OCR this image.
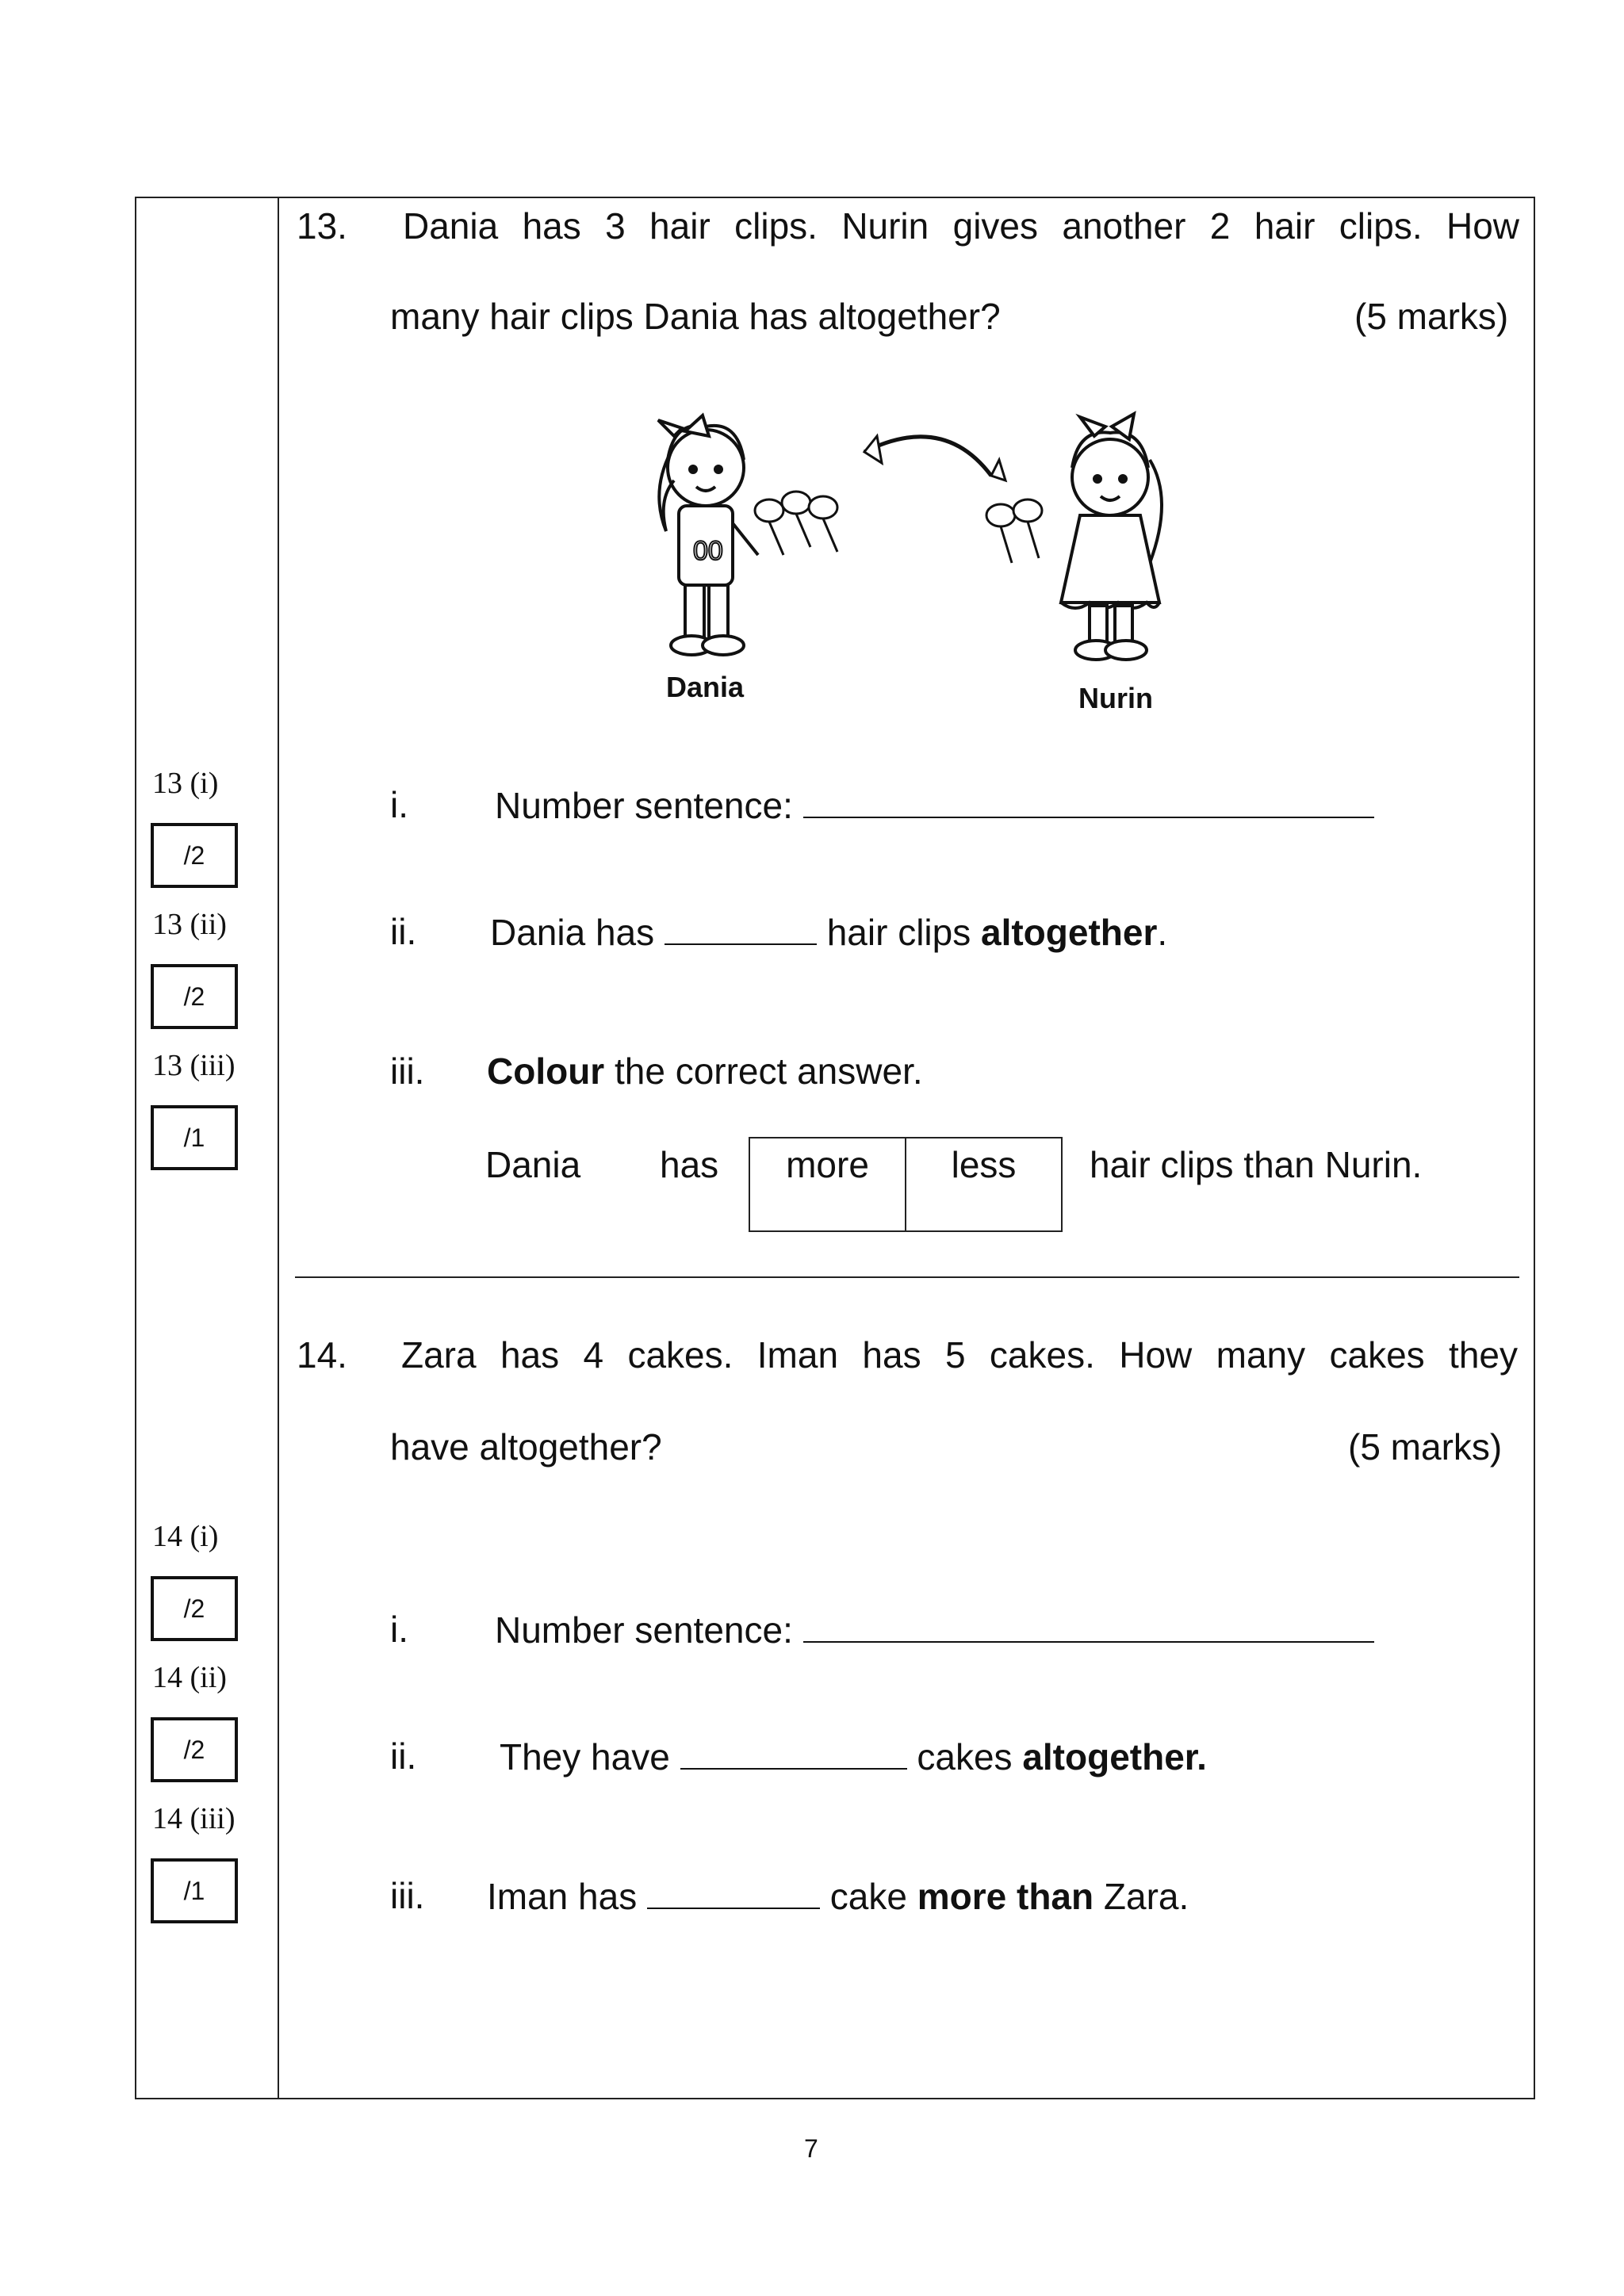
13 (i)
/2
13 (ii)
/2
13 (iii)
/1
14 (i)
/2
14 (ii)
/2
14 (iii)
/1
13. Dania has 3 hair clips. Nurin gives another 2 hair clips. How
many hair clips Dania has altogether?	(5 marks)
00
Dania	Nurin
i. Number sentence:
ii. Dania has	hair clips altogether.
iii. Colour the correct answer.
Dania has	more	less	hair clips than Nurin.
14. Zara has 4 cakes. Iman has 5 cakes. How many cakes they
have altogether?	(5 marks)
i. Number sentence:
ii. They have	cakes altogether.
iii. Iman has	cake more than Zara.
7
